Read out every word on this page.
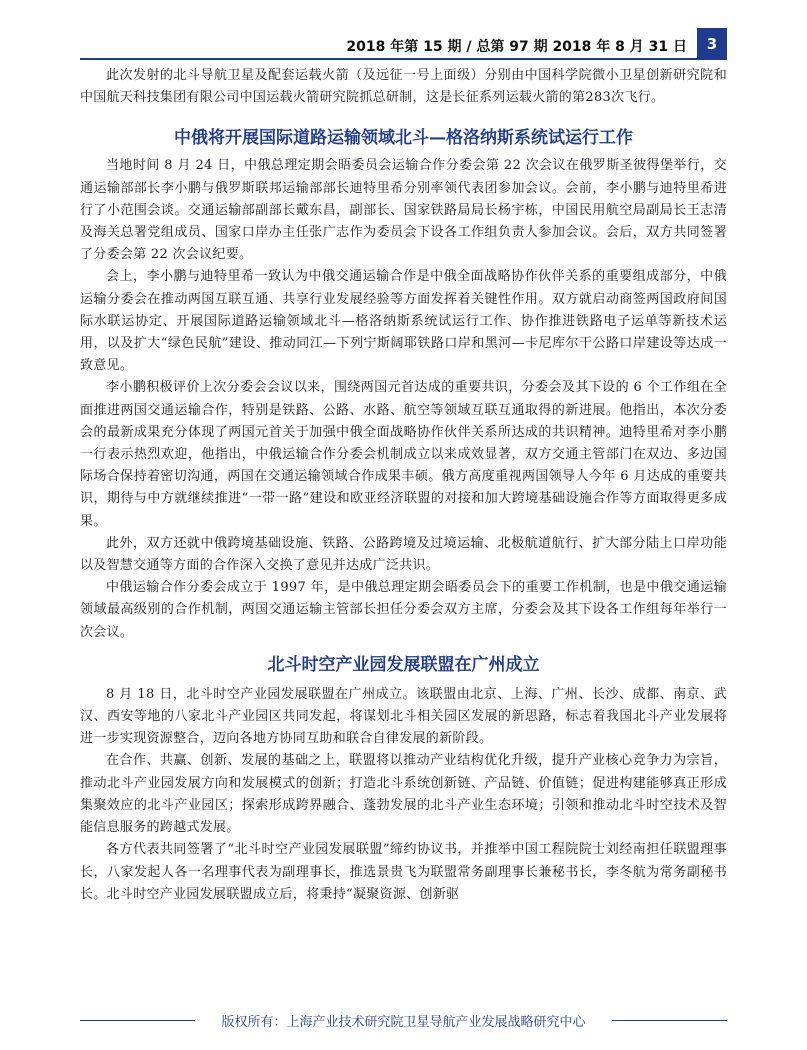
2018 年第 15 期 / 总第 97 期 2018 年 8 月 31 日	3

此次发射的北斗导航卫星及配套运载火箭（及远征一号上面级）分别由中国科学院微小卫星创新研究院和中国航天科技集团有限公司中国运载火箭研究院抓总研制，这是长征系列运载火箭的第283次飞行。

中俄将开展国际道路运输领域北斗—格洛纳斯系统试运行工作

当地时间 8 月 24 日，中俄总理定期会晤委员会运输合作分委会第 22 次会议在俄罗斯圣彼得堡举行，交通运输部部长李小鹏与俄罗斯联邦运输部部长迪特里希分别率领代表团参加会议。会前，李小鹏与迪特里希进行了小范围会谈。交通运输部副部长戴东昌，副部长、国家铁路局局长杨宇栋，中国民用航空局副局长王志清及海关总署党组成员、国家口岸办主任张广志作为委员会下设各工作组负责人参加会议。会后，双方共同签署了分委会第 22 次会议纪要。

会上，李小鹏与迪特里希一致认为中俄交通运输合作是中俄全面战略协作伙伴关系的重要组成部分，中俄运输分委会在推动两国互联互通、共享行业发展经验等方面发挥着关键性作用。双方就启动商签两国政府间国际水联运协定、开展国际道路运输领域北斗—格洛纳斯系统试运行工作、协作推进铁路电子运单等新技术运用，以及扩大“绿色民航”建设、推动同江—下列宁斯阔耶铁路口岸和黑河—卡尼库尔干公路口岸建设等达成一致意见。

李小鹏积极评价上次分委会会议以来，围绕两国元首达成的重要共识，分委会及其下设的 6 个工作组在全面推进两国交通运输合作，特别是铁路、公路、水路、航空等领域互联互通取得的新进展。他指出，本次分委会的最新成果充分体现了两国元首关于加强中俄全面战略协作伙伴关系所达成的共识精神。迪特里希对李小鹏一行表示热烈欢迎，他指出，中俄运输合作分委会机制成立以来成效显著，双方交通主管部门在双边、多边国际场合保持着密切沟通，两国在交通运输领域合作成果丰硕。俄方高度重视两国领导人今年 6 月达成的重要共识，期待与中方就继续推进“一带一路”建设和欧亚经济联盟的对接和加大跨境基础设施合作等方面取得更多成果。

此外，双方还就中俄跨境基础设施、铁路、公路跨境及过境运输、北极航道航行、扩大部分陆上口岸功能以及智慧交通等方面的合作深入交换了意见并达成广泛共识。

中俄运输合作分委会成立于 1997 年，是中俄总理定期会晤委员会下的重要工作机制，也是中俄交通运输领域最高级别的合作机制，两国交通运输主管部长担任分委会双方主席，分委会及其下设各工作组每年举行一次会议。

北斗时空产业园发展联盟在广州成立

8 月 18 日，北斗时空产业园发展联盟在广州成立。该联盟由北京、上海、广州、长沙、成都、南京、武汉、西安等地的八家北斗产业园区共同发起，将谋划北斗相关园区发展的新思路，标志着我国北斗产业发展将进一步实现资源整合，迈向各地方协同互助和联合自律发展的新阶段。

在合作、共赢、创新、发展的基础之上，联盟将以推动产业结构优化升级，提升产业核心竞争力为宗旨，推动北斗产业园发展方向和发展模式的创新；打造北斗系统创新链、产品链、价值链；促进构建能够真正形成集聚效应的北斗产业园区；探索形成跨界融合、蓬勃发展的北斗产业生态环境；引领和推动北斗时空技术及智能信息服务的跨越式发展。

各方代表共同签署了“北斗时空产业园发展联盟”缔约协议书，并推举中国工程院院士刘经南担任联盟理事长，八家发起人各一名理事代表为副理事长，推选景贵飞为联盟常务副理事长兼秘书长，李冬航为常务副秘书长。北斗时空产业园发展联盟成立后，将秉持“凝聚资源、创新驱

版权所有：上海产业技术研究院卫星导航产业发展战略研究中心
